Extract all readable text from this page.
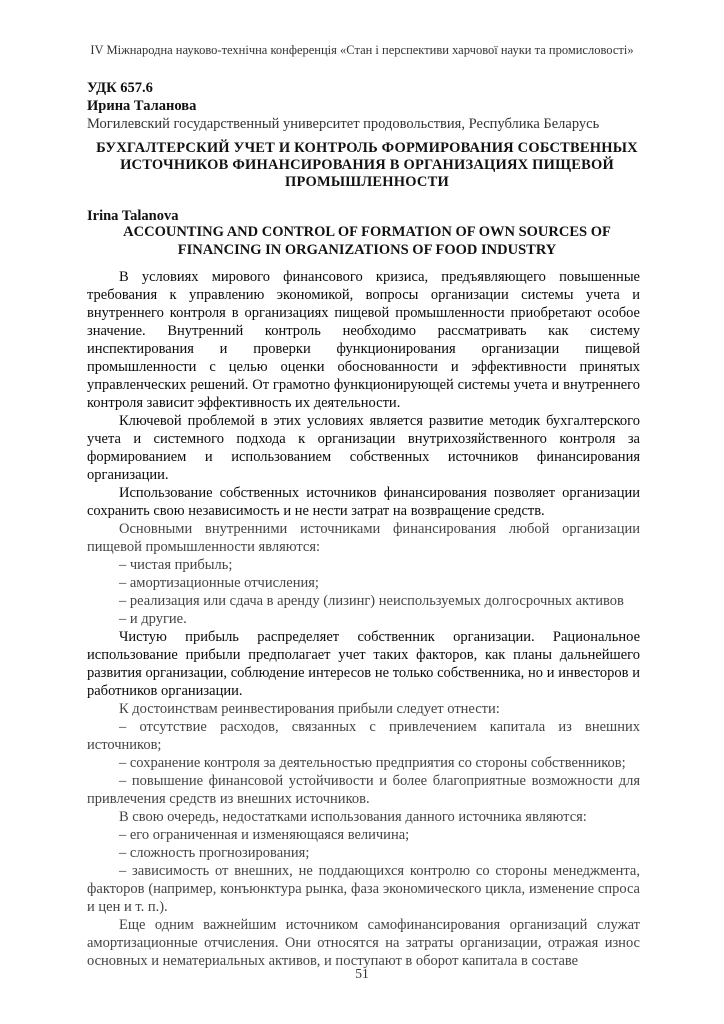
IV Міжнародна науково-технічна конференція «Стан і перспективи харчової науки та промисловості»
УДК 657.6
Ирина Таланова
Могилевский государственный университет продовольствия, Республика Беларусь
БУХГАЛТЕРСКИЙ УЧЕТ И КОНТРОЛЬ ФОРМИРОВАНИЯ СОБСТВЕННЫХ ИСТОЧНИКОВ ФИНАНСИРОВАНИЯ В ОРГАНИЗАЦИЯХ ПИЩЕВОЙ ПРОМЫШЛЕННОСТИ
Irina Talanova
ACCOUNTING AND CONTROL OF FORMATION OF OWN SOURCES OF FINANCING IN ORGANIZATIONS OF FOOD INDUSTRY

В условиях мирового финансового кризиса, предъявляющего повышенные требования к управлению экономикой, вопросы организации системы учета и внутреннего контроля в организациях пищевой промышленности приобретают особое значение. Внутренний контроль необходимо рассматривать как систему инспектирования и проверки функционирования организации пищевой промышленности с целью оценки обоснованности и эффективности принятых управленческих решений. От грамотно функционирующей системы учета и внутреннего контроля зависит эффективность их деятельности.

Ключевой проблемой в этих условиях является развитие методик бухгалтерского учета и системного подхода к организации внутрихозяйственного контроля за формированием и использованием собственных источников финансирования организации.

Использование собственных источников финансирования позволяет организации сохранить свою независимость и не нести затрат на возвращение средств.

Основными внутренними источниками финансирования любой организации пищевой промышленности являются:

– чистая прибыль;
– амортизационные отчисления;
– реализация или сдача в аренду (лизинг) неиспользуемых долгосрочных активов
– и другие.

Чистую прибыль распределяет собственник организации. Рациональное использование прибыли предполагает учет таких факторов, как планы дальнейшего развития организации, соблюдение интересов не только собственника, но и инвесторов и работников организации.

К достоинствам реинвестирования прибыли следует отнести:

– отсутствие расходов, связанных с привлечением капитала из внешних источников;

– сохранение контроля за деятельностью предприятия со стороны собственников;

– повышение финансовой устойчивости и более благоприятные возможности для привлечения средств из внешних источников.

В свою очередь, недостатками использования данного источника являются:

– его ограниченная и изменяющаяся величина;
– сложность прогнозирования;

– зависимость от внешних, не поддающихся контролю со стороны менеджмента, факторов (например, конъюнктура рынка, фаза экономического цикла, изменение спроса и цен и т. п.).

Еще одним важнейшим источником самофинансирования организаций служат амортизационные отчисления. Они относятся на затраты организации, отражая износ основных и нематериальных активов, и поступают в оборот капитала в составе

51
